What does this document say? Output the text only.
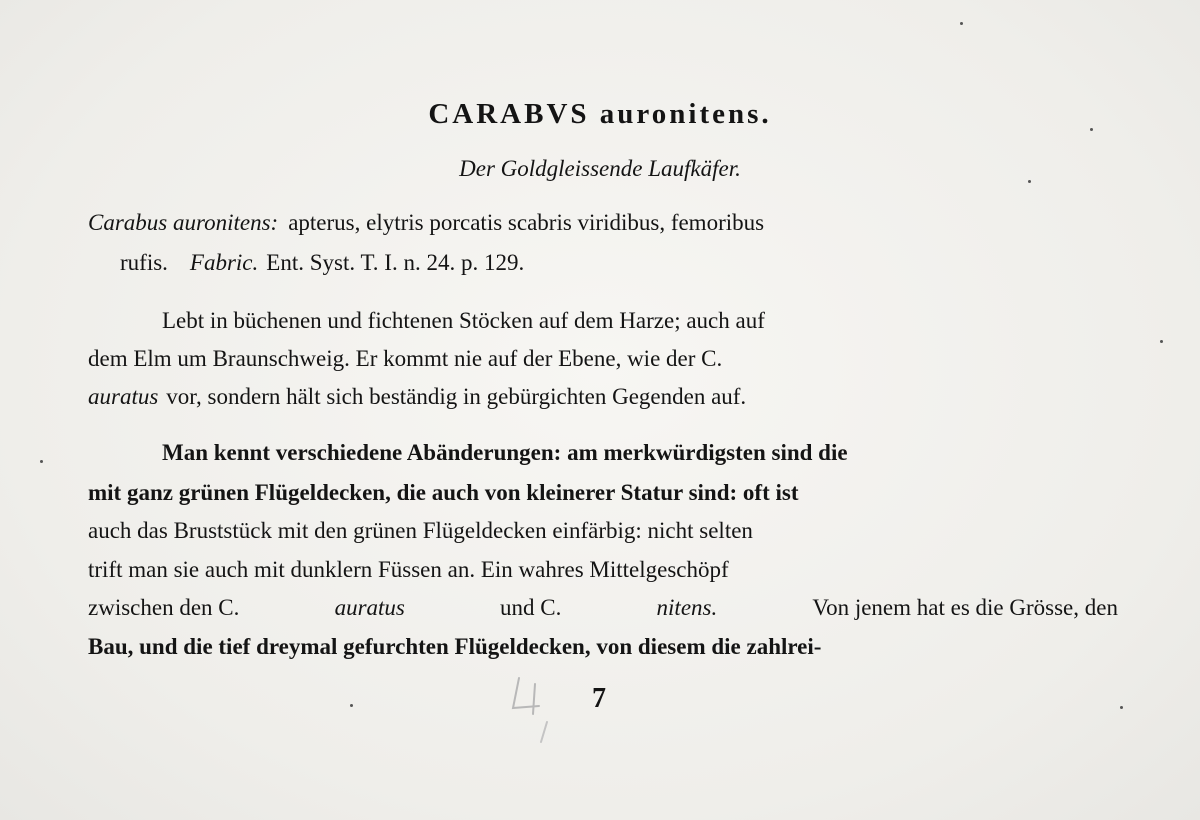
CARABVS auronitens.
Der Goldgleissende Laufkäfer.
Carabus auronitens: apterus, elytris porcatis scabris viridibus, femoribus
rufis. Fabric. Ent. Syst. T. I. n. 24. p. 129.
Lebt in büchenen und fichtenen Stöcken auf dem Harze; auch auf
dem Elm um Braunschweig. Er kommt nie auf der Ebene, wie der C.
auratus vor, sondern hält sich beständig in gebürgichten Gegenden auf.
Man kennt verschiedene Abänderungen: am merkwürdigsten sind die
mit ganz grünen Flügeldecken, die auch von kleinerer Statur sind: oft ist
auch das Bruststück mit den grünen Flügeldecken einfärbig: nicht selten
trift man sie auch mit dunklern Füssen an. Ein wahres Mittelgeschöpf
zwischen den C.	auratus	und C.	nitens.	Von jenem hat es die Grösse, den
Bau, und die tief dreymal gefurchten Flügeldecken, von diesem die zahlrei-
7
